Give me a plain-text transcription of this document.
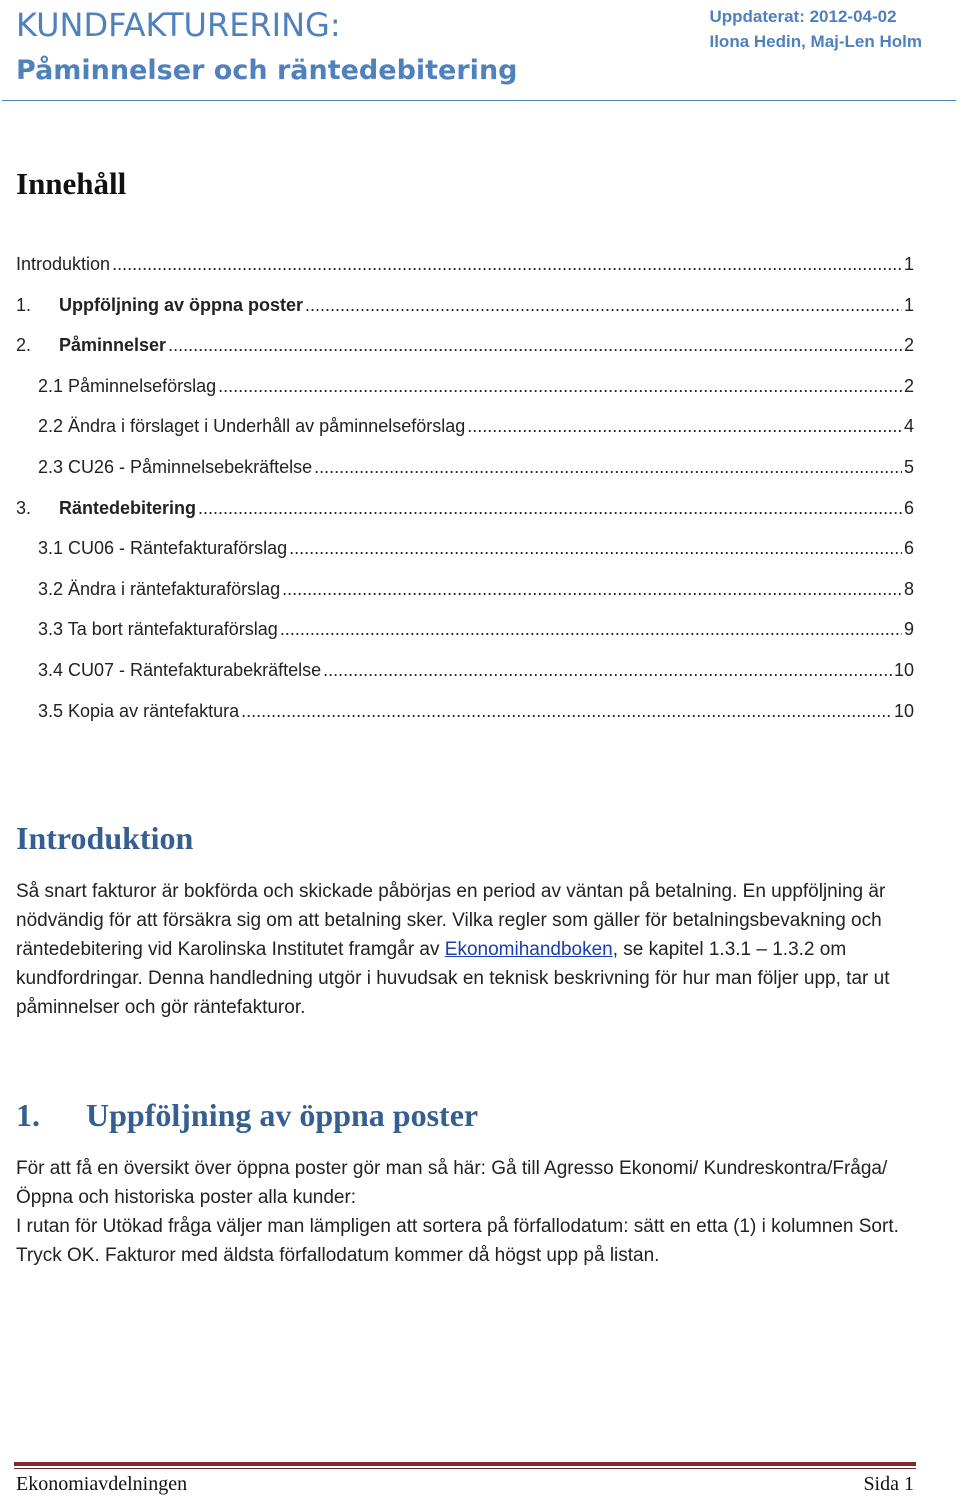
KUNDFAKTURERING:
Påminnelser och räntedebitering
Uppdaterat: 2012-04-02
Ilona Hedin, Maj-Len Holm
Innehåll
Introduktion .....	1
1.	Uppföljning av öppna poster .....	1
2.	Påminnelser .....	2
2.1 Påminnelseförslag .....	2
2.2 Ändra i förslaget i Underhåll av påminnelseförslag .....	4
2.3 CU26 - Påminnelsebekräftelse .....	5
3.	Räntedebitering .....	6
3.1 CU06 - Räntefakturaförslag .....	6
3.2 Ändra i räntefakturaförslag .....	8
3.3 Ta bort räntefakturaförslag .....	9
3.4 CU07 - Räntefakturabekräftelse .....	10
3.5 Kopia av räntefaktura .....	10
Introduktion

Så snart fakturor är bokförda och skickade påbörjas en period av väntan på betalning. En uppföljning är nödvändig för att försäkra sig om att betalning sker. Vilka regler som gäller för betalningsbevakning och räntedebitering vid Karolinska Institutet framgår av Ekonomihandboken, se kapitel 1.3.1 – 1.3.2 om kundfordringar. Denna handledning utgör i huvudsak en teknisk beskrivning för hur man följer upp, tar ut påminnelser och gör räntefakturor.

1. Uppföljning av öppna poster

För att få en översikt över öppna poster gör man så här: Gå till Agresso Ekonomi/ Kundreskontra/Fråga/Öppna och historiska poster alla kunder:

I rutan för Utökad fråga väljer man lämpligen att sortera på förfallodatum: sätt en etta (1) i kolumnen Sort. Tryck OK. Fakturor med äldsta förfallodatum kommer då högst upp på listan.

Ekonomiavdelningen	Sida 1
